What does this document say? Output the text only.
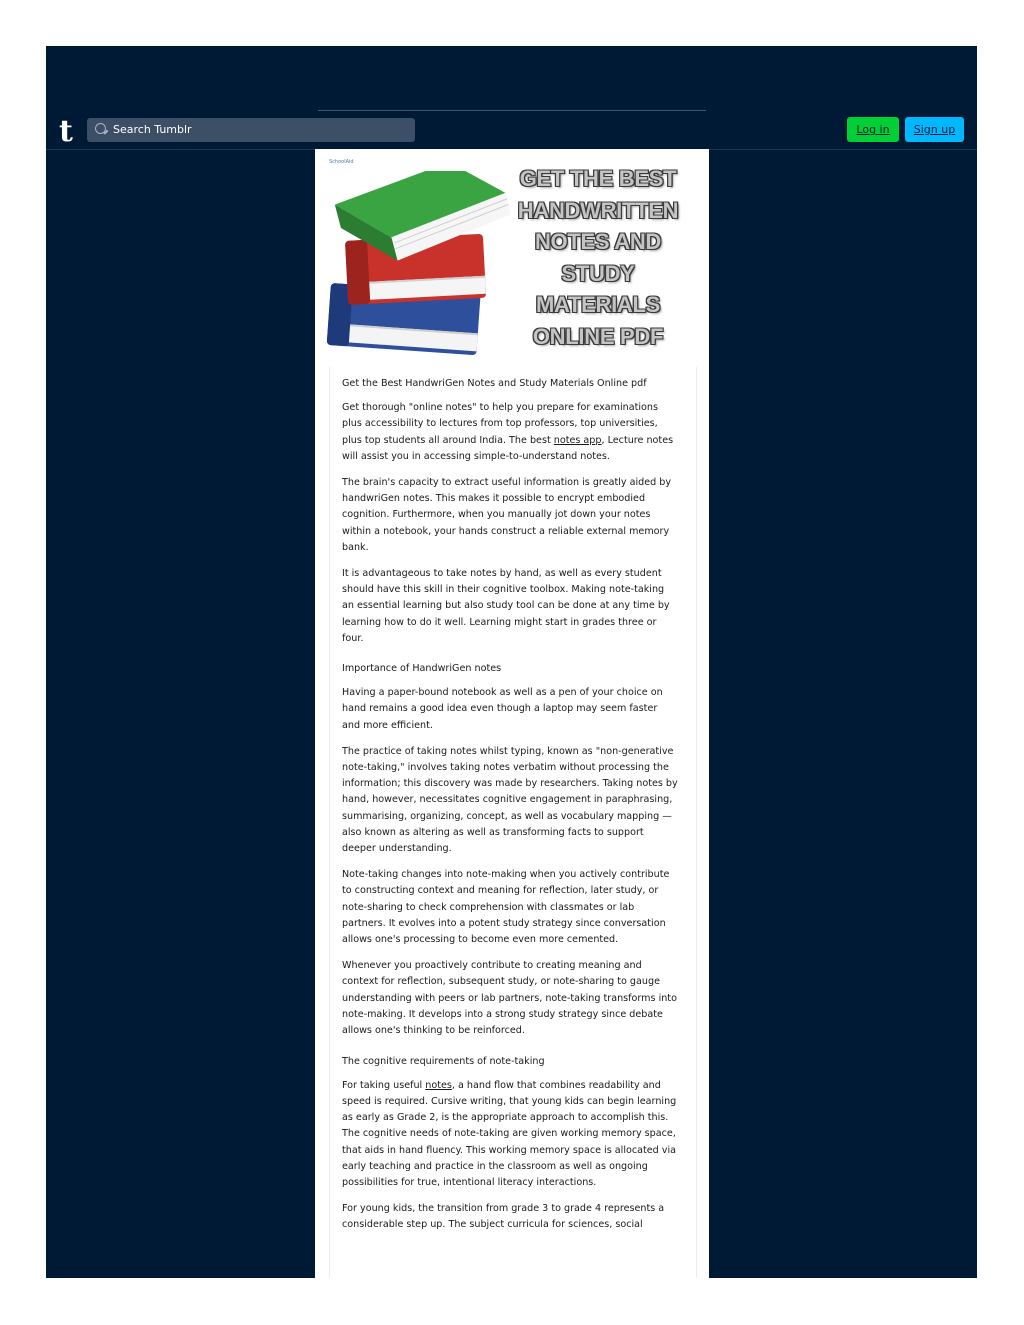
t	Search Tumblr	Log in	Sign up
SchoolAid
GET THE BEST
HANDWRITTEN
NOTES AND
STUDY
MATERIALS
ONLINE PDF
Get the Best HandwriGen Notes and Study Materials Online pdf

Get thorough "online notes" to help you prepare for examinations plus accessibility to lectures from top professors, top universities, plus top students all around India. The best notes app, Lecture notes will assist you in accessing simple-to-understand notes.

The brain's capacity to extract useful information is greatly aided by handwriGen notes. This makes it possible to encrypt embodied cognition. Furthermore, when you manually jot down your notes within a notebook, your hands construct a reliable external memory bank.

It is advantageous to take notes by hand, as well as every student should have this skill in their cognitive toolbox. Making note-taking an essential learning but also study tool can be done at any time by learning how to do it well. Learning might start in grades three or four.

Importance of HandwriGen notes

Having a paper-bound notebook as well as a pen of your choice on hand remains a good idea even though a laptop may seem faster and more efficient.

The practice of taking notes whilst typing, known as "non-generative note-taking," involves taking notes verbatim without processing the information; this discovery was made by researchers. Taking notes by hand, however, necessitates cognitive engagement in paraphrasing, summarising, organizing, concept, as well as vocabulary mapping — also known as altering as well as transforming facts to support deeper understanding.

Note-taking changes into note-making when you actively contribute to constructing context and meaning for reflection, later study, or note-sharing to check comprehension with classmates or lab partners. It evolves into a potent study strategy since conversation allows one's processing to become even more cemented.

Whenever you proactively contribute to creating meaning and context for reflection, subsequent study, or note-sharing to gauge understanding with peers or lab partners, note-taking transforms into note-making. It develops into a strong study strategy since debate allows one's thinking to be reinforced.

The cognitive requirements of note-taking

For taking useful notes, a hand flow that combines readability and speed is required. Cursive writing, that young kids can begin learning as early as Grade 2, is the appropriate approach to accomplish this. The cognitive needs of note-taking are given working memory space, that aids in hand fluency. This working memory space is allocated via early teaching and practice in the classroom as well as ongoing possibilities for true, intentional literacy interactions.

For young kids, the transition from grade 3 to grade 4 represents a considerable step up. The subject curricula for sciences, social
